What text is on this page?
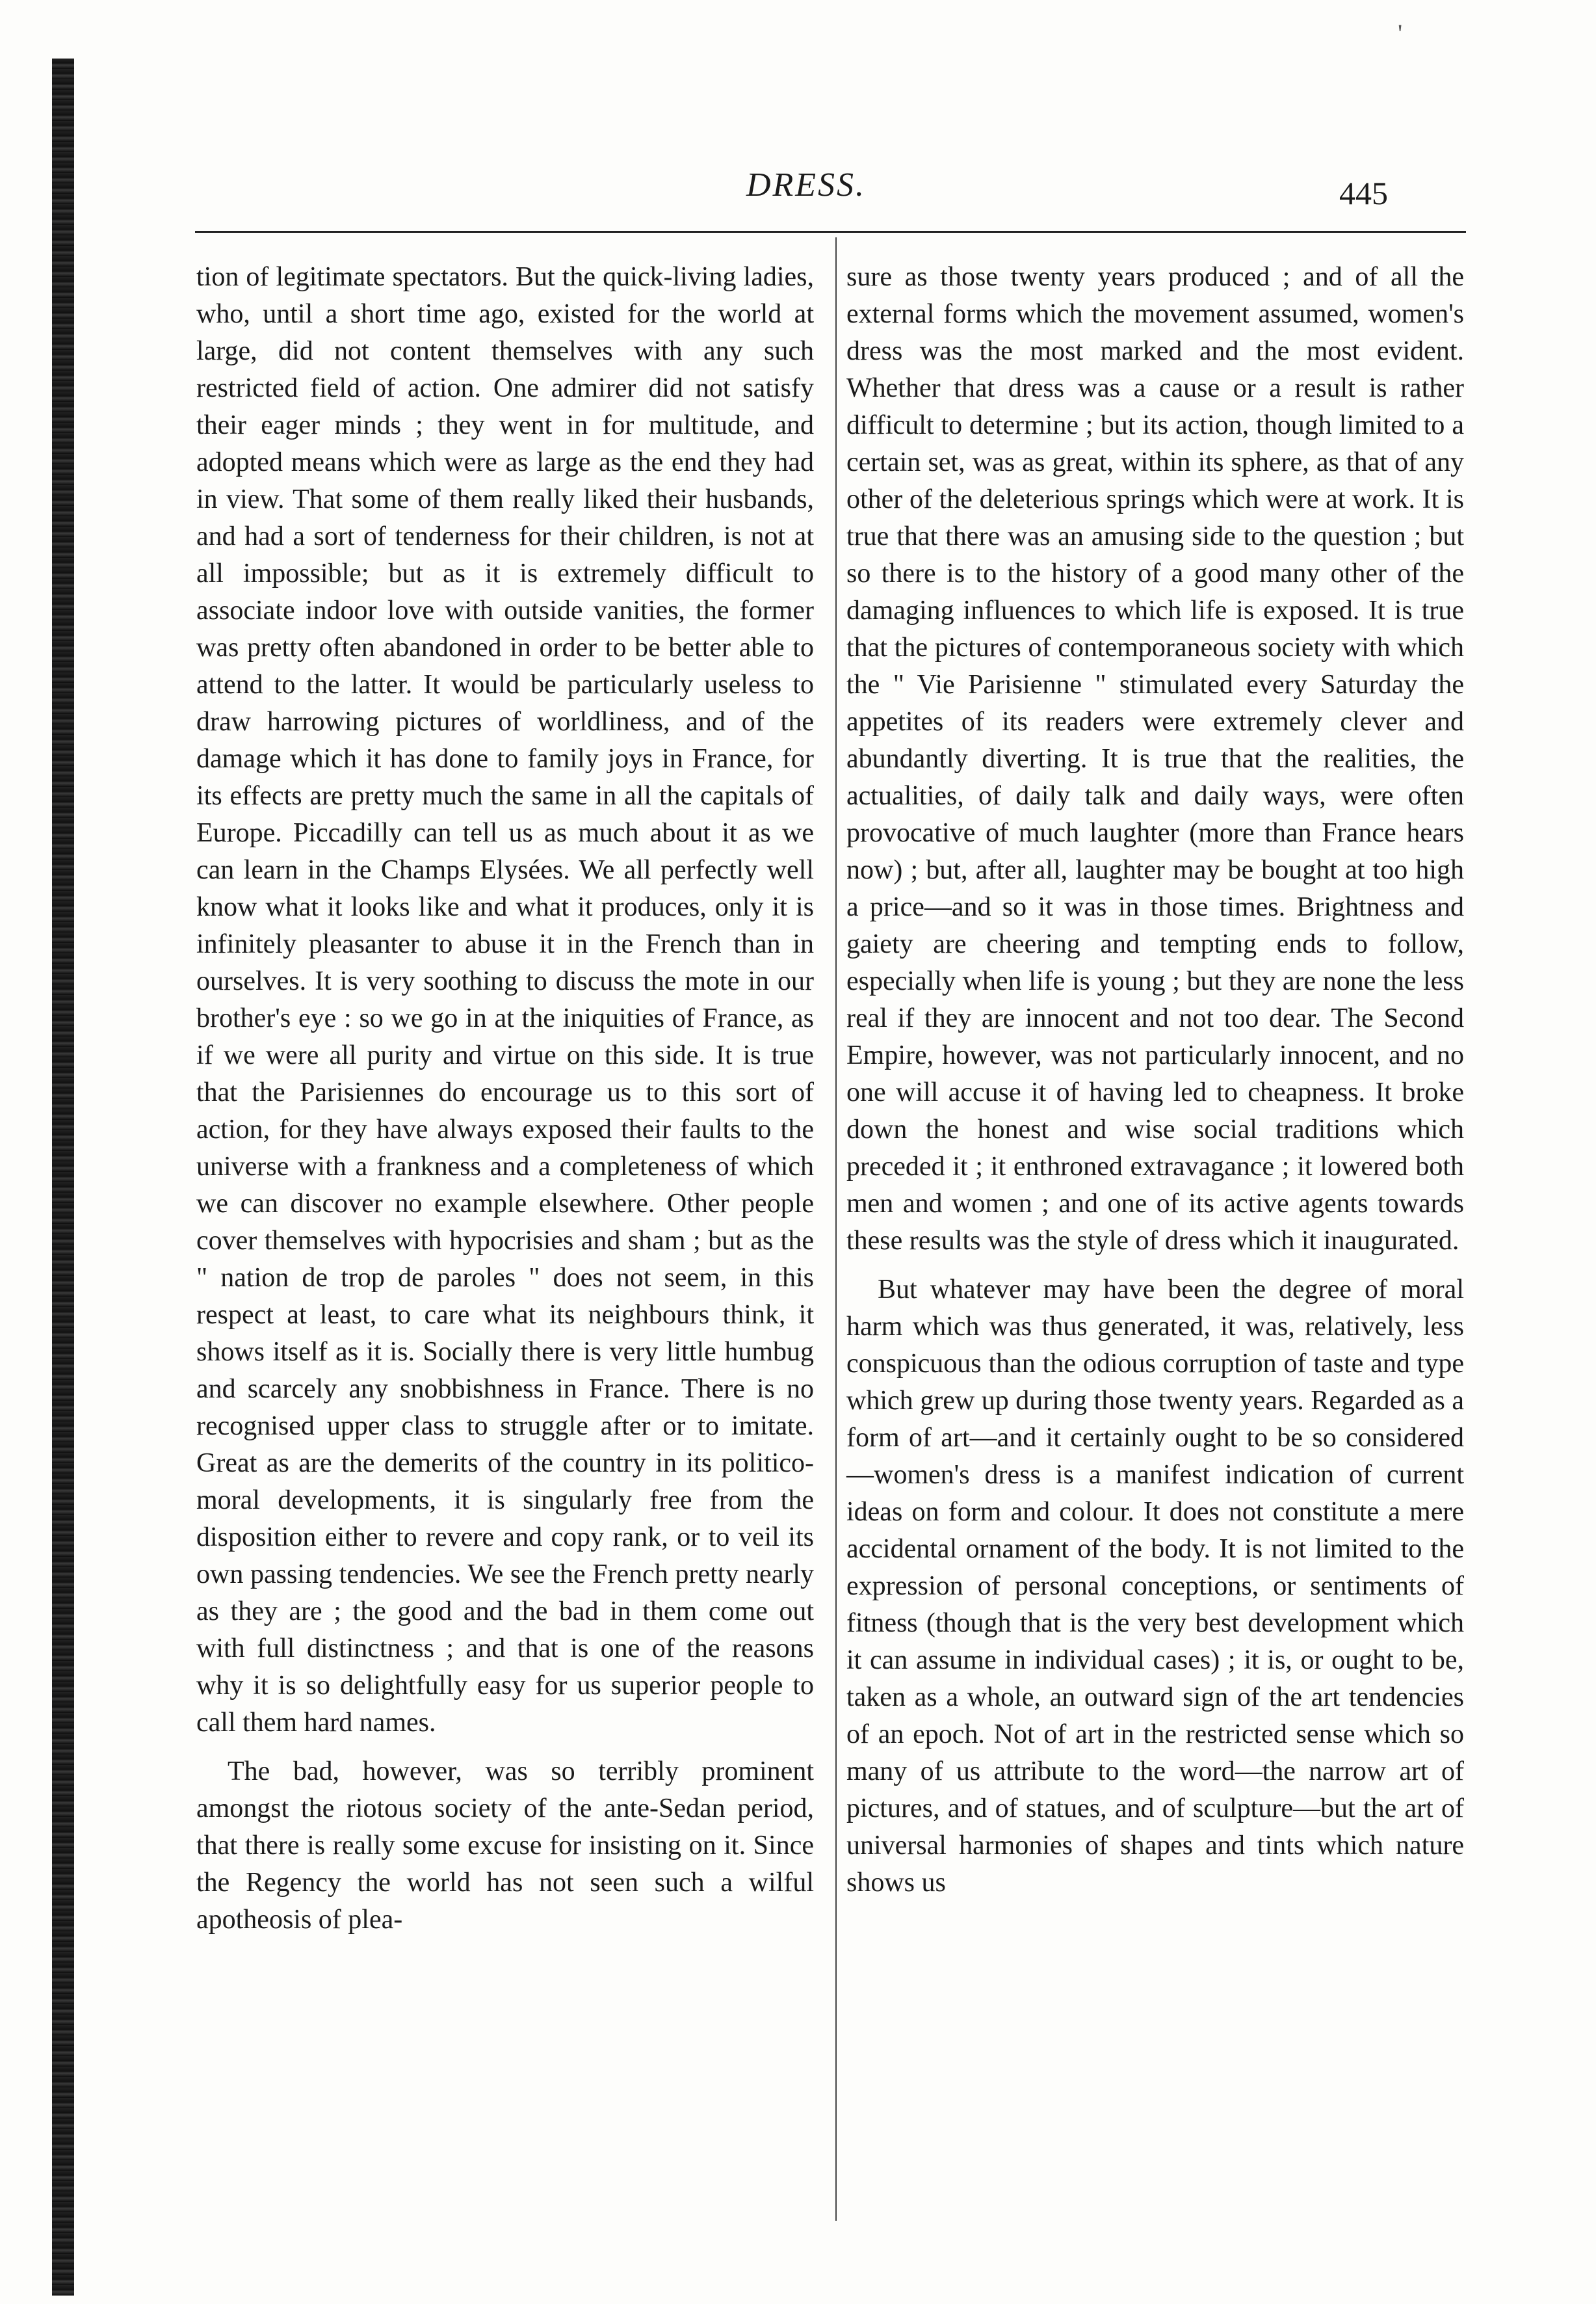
'
DRESS.	445

tion of legitimate spectators. But the quick-living ladies, who, until a short time ago, existed for the world at large, did not content themselves with any such restricted field of action. One admirer did not satisfy their eager minds ; they went in for multitude, and adopted means which were as large as the end they had in view. That some of them really liked their husbands, and had a sort of tenderness for their children, is not at all impossible; but as it is extremely difficult to associate indoor love with outside vanities, the former was pretty often abandoned in order to be better able to attend to the latter. It would be particularly useless to draw harrowing pictures of worldliness, and of the damage which it has done to family joys in France, for its effects are pretty much the same in all the capitals of Europe. Piccadilly can tell us as much about it as we can learn in the Champs Elysées. We all perfectly well know what it looks like and what it produces, only it is infinitely pleasanter to abuse it in the French than in ourselves. It is very soothing to discuss the mote in our brother's eye : so we go in at the iniquities of France, as if we were all purity and virtue on this side. It is true that the Parisiennes do encourage us to this sort of action, for they have always exposed their faults to the universe with a frankness and a completeness of which we can discover no example elsewhere. Other people cover themselves with hypocrisies and sham ; but as the " nation de trop de paroles " does not seem, in this respect at least, to care what its neighbours think, it shows itself as it is. Socially there is very little humbug and scarcely any snobbishness in France. There is no recognised upper class to struggle after or to imitate. Great as are the demerits of the country in its politico-moral developments, it is singularly free from the disposition either to revere and copy rank, or to veil its own passing tendencies. We see the French pretty nearly as they are ; the good and the bad in them come out with full distinctness ; and that is one of the reasons why it is so delightfully easy for us superior people to call them hard names.

The bad, however, was so terribly prominent amongst the riotous society of the ante-Sedan period, that there is really some excuse for insisting on it. Since the Regency the world has not seen such a wilful apotheosis of plea-

sure as those twenty years produced ; and of all the external forms which the movement assumed, women's dress was the most marked and the most evident. Whether that dress was a cause or a result is rather difficult to determine ; but its action, though limited to a certain set, was as great, within its sphere, as that of any other of the deleterious springs which were at work. It is true that there was an amusing side to the question ; but so there is to the history of a good many other of the damaging influences to which life is exposed. It is true that the pictures of contemporaneous society with which the " Vie Parisienne " stimulated every Saturday the appetites of its readers were extremely clever and abundantly diverting. It is true that the realities, the actualities, of daily talk and daily ways, were often provocative of much laughter (more than France hears now) ; but, after all, laughter may be bought at too high a price—and so it was in those times. Brightness and gaiety are cheering and tempting ends to follow, especially when life is young ; but they are none the less real if they are innocent and not too dear. The Second Empire, however, was not particularly innocent, and no one will accuse it of having led to cheapness. It broke down the honest and wise social traditions which preceded it ; it enthroned extravagance ; it lowered both men and women ; and one of its active agents towards these results was the style of dress which it inaugurated.

But whatever may have been the degree of moral harm which was thus generated, it was, relatively, less conspicuous than the odious corruption of taste and type which grew up during those twenty years. Regarded as a form of art—and it certainly ought to be so considered—women's dress is a manifest indication of current ideas on form and colour. It does not constitute a mere accidental ornament of the body. It is not limited to the expression of personal conceptions, or sentiments of fitness (though that is the very best development which it can assume in individual cases) ; it is, or ought to be, taken as a whole, an outward sign of the art tendencies of an epoch. Not of art in the restricted sense which so many of us attribute to the word—the narrow art of pictures, and of statues, and of sculpture—but the art of universal harmonies of shapes and tints which nature shows us
